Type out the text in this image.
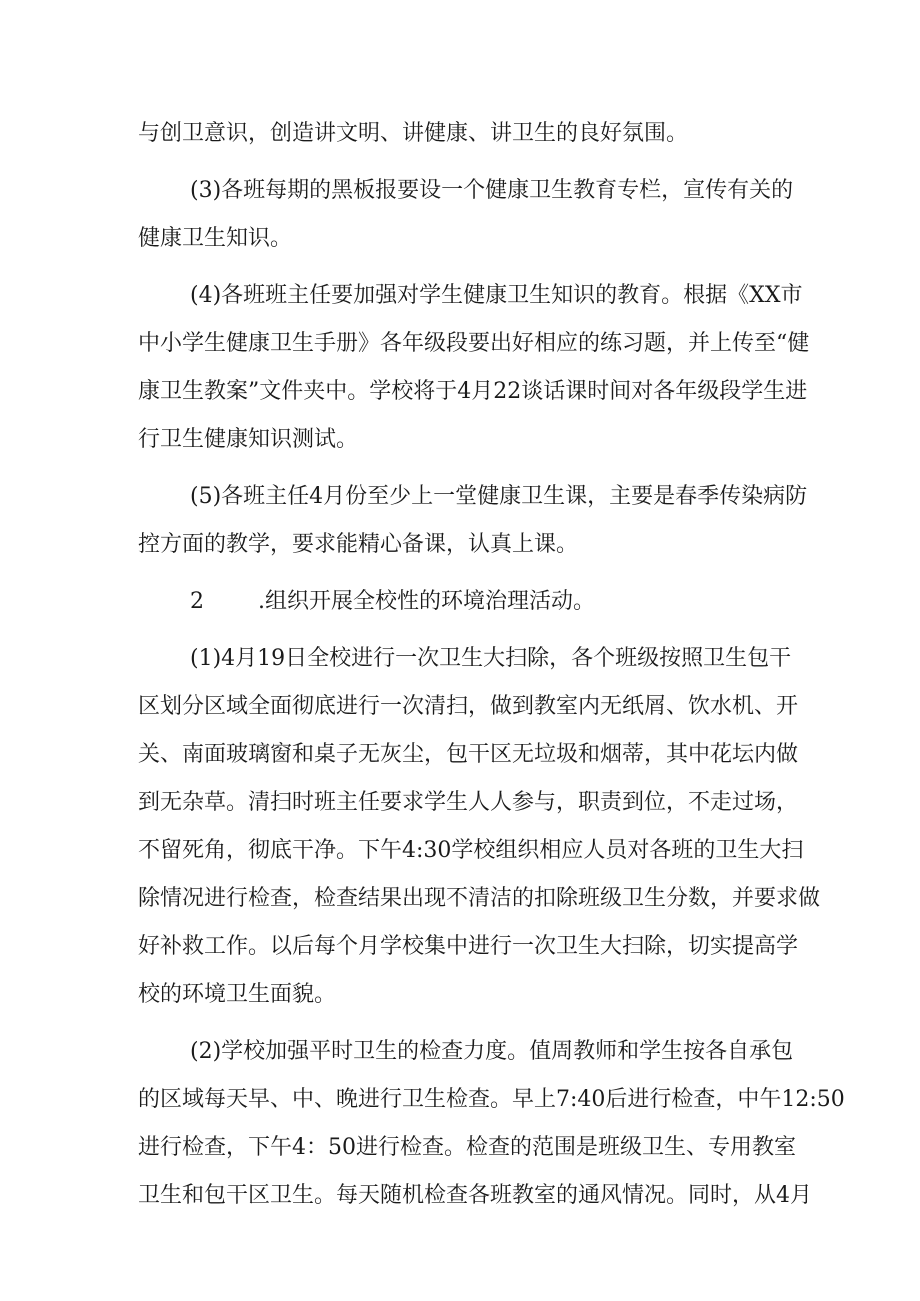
与创卫意识，创造讲文明、讲健康、讲卫生的良好氛围。
(3)各班每期的黑板报要设一个健康卫生教育专栏，宣传有关的
健康卫生知识。
(4)各班班主任要加强对学生健康卫生知识的教育。根据《XX市
中小学生健康卫生手册》各年级段要出好相应的练习题，并上传至“健
康卫生教案”文件夹中。学校将于4月22谈话课时间对各年级段学生进
行卫生健康知识测试。
(5)各班主任4月份至少上一堂健康卫生课，主要是春季传染病防
控方面的教学，要求能精心备课，认真上课。
2 .组织开展全校性的环境治理活动。
(1)4月19日全校进行一次卫生大扫除，各个班级按照卫生包干
区划分区域全面彻底进行一次清扫，做到教室内无纸屑、饮水机、开
关、南面玻璃窗和桌子无灰尘，包干区无垃圾和烟蒂，其中花坛内做
到无杂草。清扫时班主任要求学生人人参与，职责到位，不走过场，
不留死角，彻底干净。下午4:30学校组织相应人员对各班的卫生大扫
除情况进行检查，检查结果出现不清洁的扣除班级卫生分数，并要求做
好补救工作。以后每个月学校集中进行一次卫生大扫除，切实提高学
校的环境卫生面貌。
(2)学校加强平时卫生的检查力度。值周教师和学生按各自承包
的区域每天早、中、晚进行卫生检查。早上7:40后进行检查，中午12:50
进行检查，下午4：50进行检查。检查的范围是班级卫生、专用教室
卫生和包干区卫生。每天随机检查各班教室的通风情况。同时，从4月
